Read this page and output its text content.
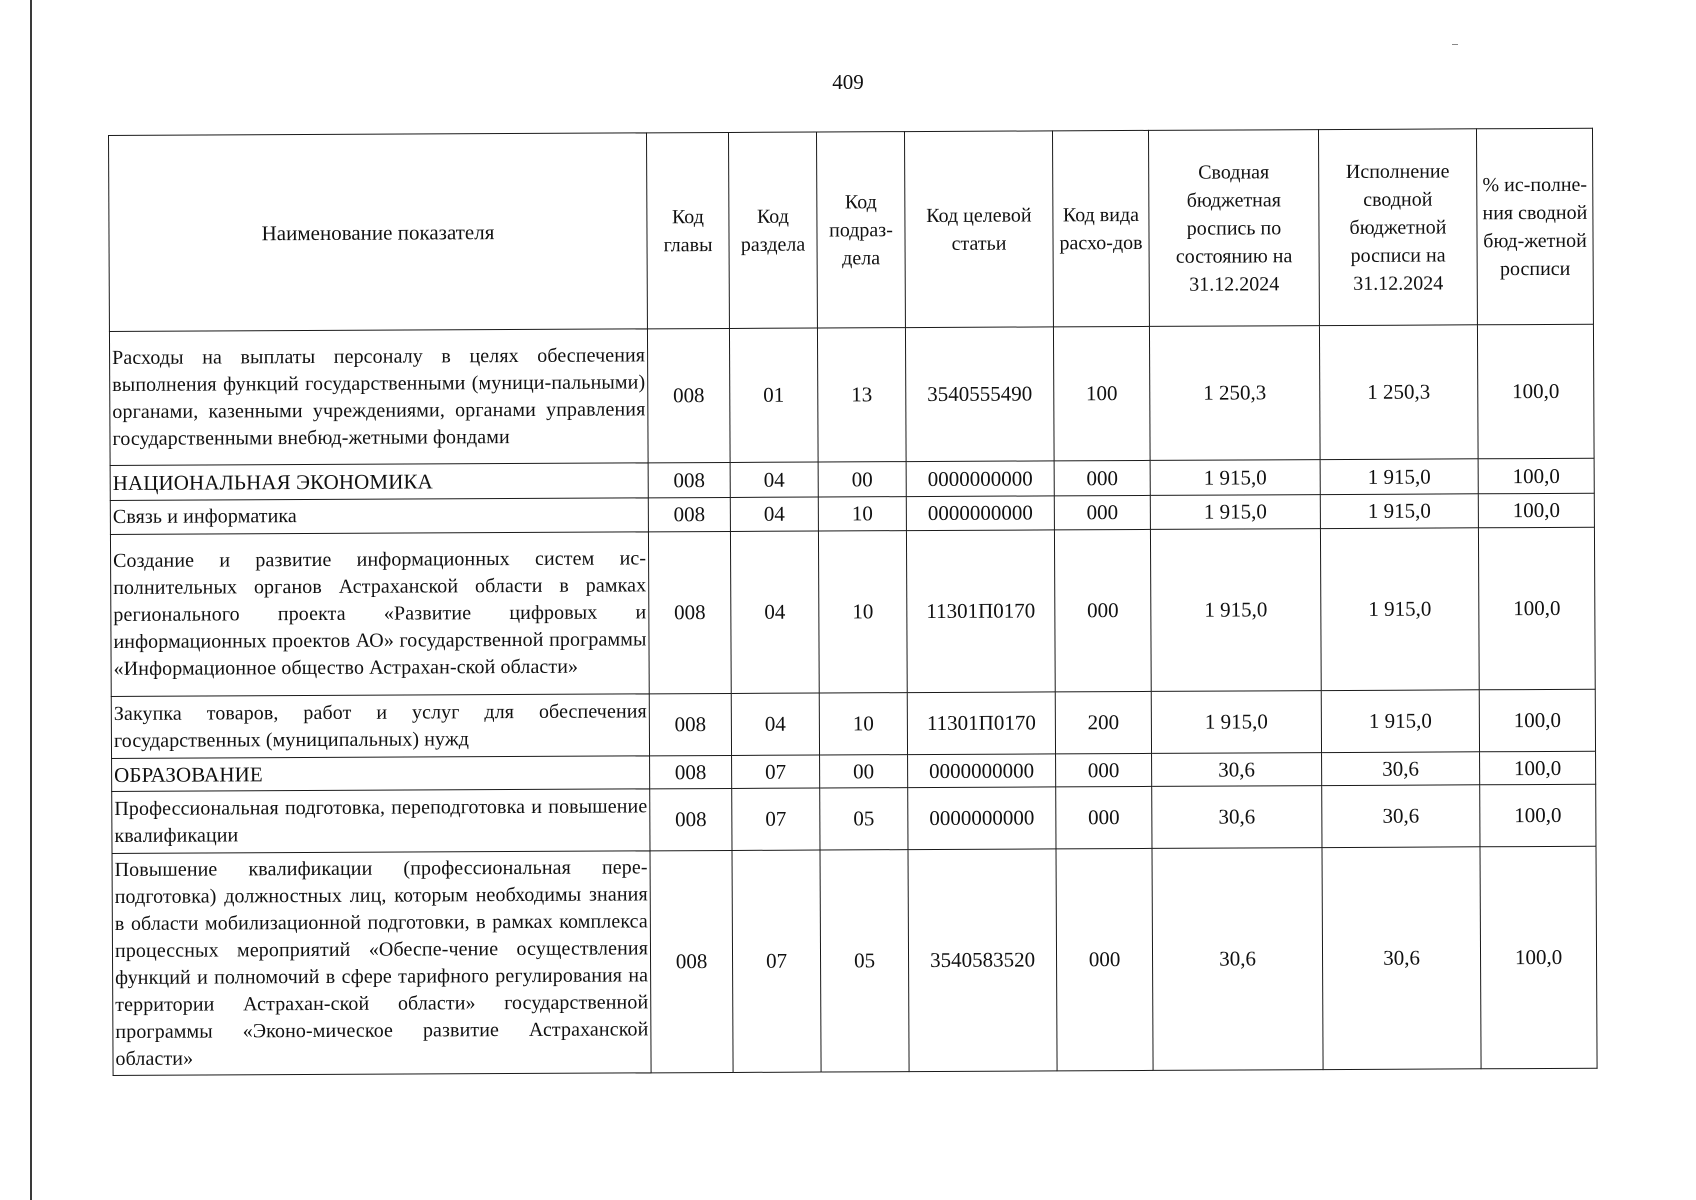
409
Наименование показателя	Код главы	Код раздела	Код подраз-дела	Код целевой статьи	Код вида расхо-дов	Сводная бюджетная роспись по состоянию на 31.12.2024	Исполнение сводной бюджетной росписи на 31.12.2024	% ис-полне-ния сводной бюд-жетной росписи
Расходы на выплаты персоналу в целях обеспечения выполнения функций государственными (муници-пальными) органами, казенными учреждениями, органами управления государственными внебюд-жетными фондами	008	01	13	3540555490	100	1 250,3	1 250,3	100,0
НАЦИОНАЛЬНАЯ ЭКОНОМИКА	008	04	00	0000000000	000	1 915,0	1 915,0	100,0
Связь и информатика	008	04	10	0000000000	000	1 915,0	1 915,0	100,0
Создание и развитие информационных систем ис-полнительных органов Астраханской области в рамках регионального проекта «Развитие цифровых и информационных проектов АО» государственной программы «Информационное общество Астрахан-ской области»	008	04	10	11301П0170	000	1 915,0	1 915,0	100,0
Закупка товаров, работ и услуг для обеспечения государственных (муниципальных) нужд	008	04	10	11301П0170	200	1 915,0	1 915,0	100,0
ОБРАЗОВАНИЕ	008	07	00	0000000000	000	30,6	30,6	100,0
Профессиональная подготовка, переподготовка и повышение квалификации	008	07	05	0000000000	000	30,6	30,6	100,0
Повышение квалификации (профессиональная пере-подготовка) должностных лиц, которым необходимы знания в области мобилизационной подготовки, в рамках комплекса процессных мероприятий «Обеспе-чение осуществления функций и полномочий в сфере тарифного регулирования на территории Астрахан-ской области» государственной программы «Эконо-мическое развитие Астраханской области»	008	07	05	3540583520	000	30,6	30,6	100,0
